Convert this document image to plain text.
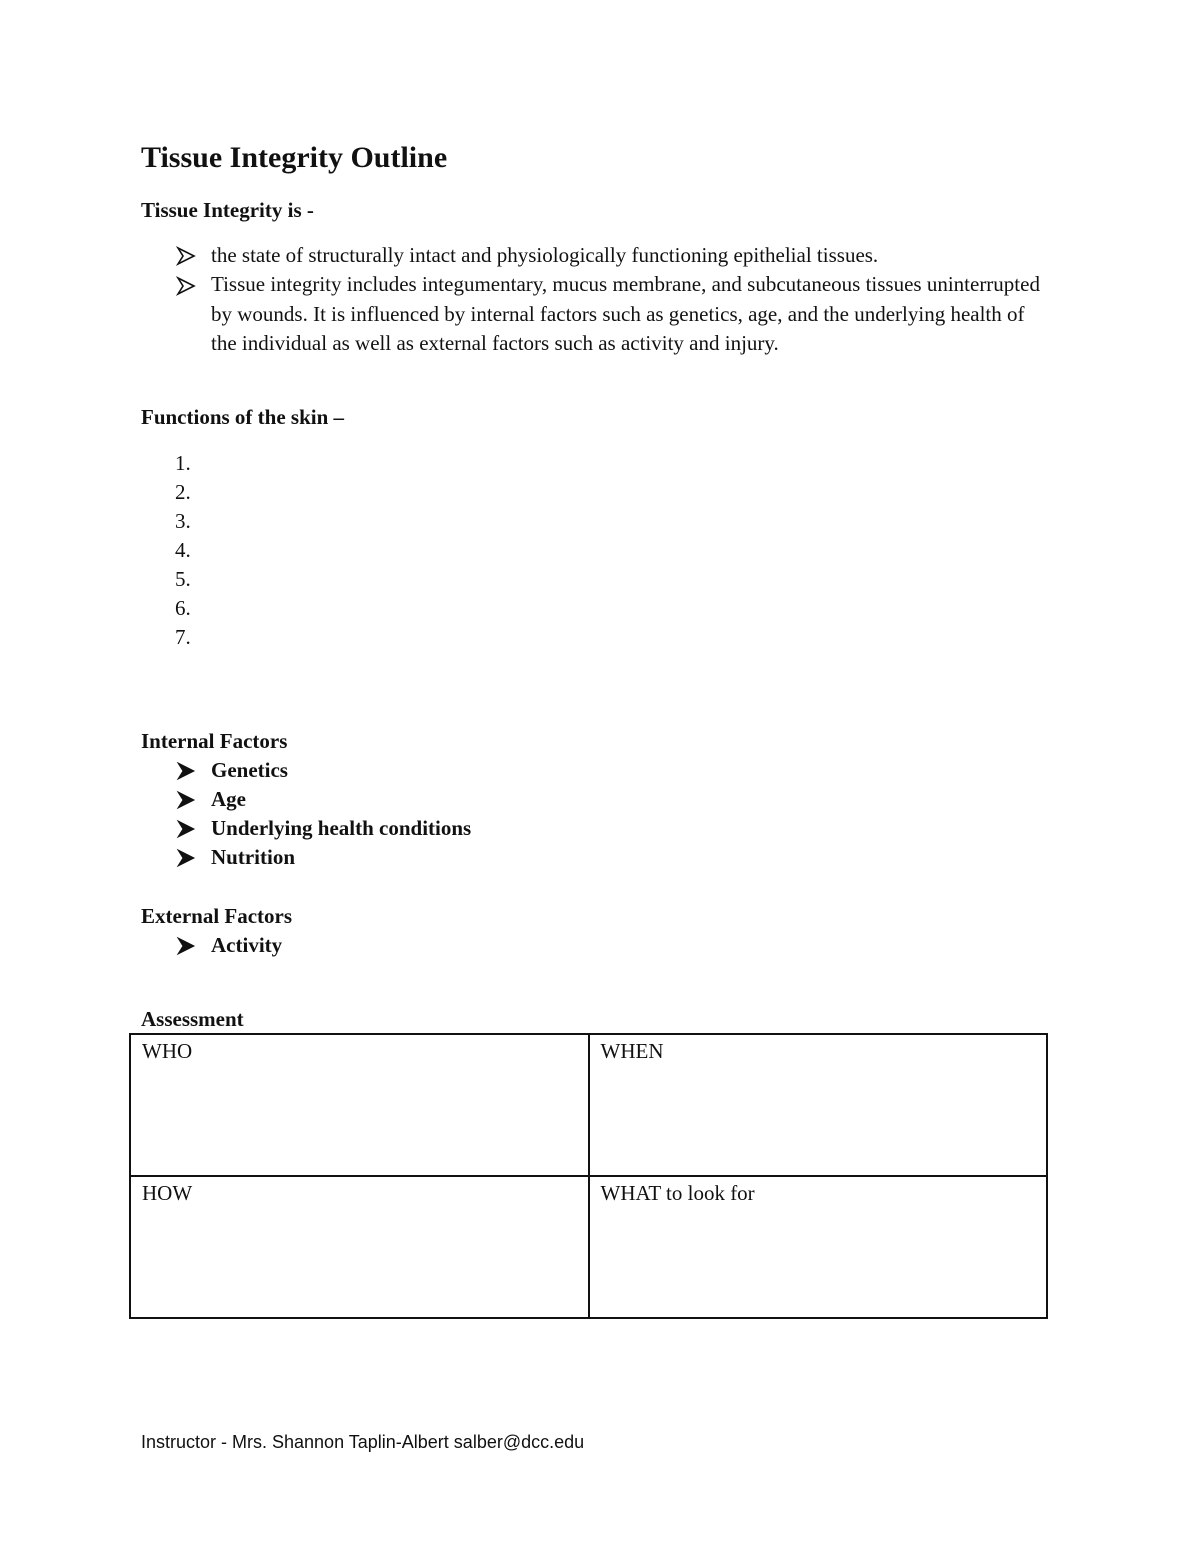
Tissue Integrity Outline
Tissue Integrity is -
the state of structurally intact and physiologically functioning epithelial tissues.
Tissue integrity includes integumentary, mucus membrane, and subcutaneous tissues uninterrupted by wounds. It is influenced by internal factors such as genetics, age, and the underlying health of the individual as well as external factors such as activity and injury.
Functions of the skin –
1.
2.
3.
4.
5.
6.
7.
Internal Factors
Genetics
Age
Underlying health conditions
Nutrition
External Factors
Activity
Assessment
WHO	WHEN
HOW	WHAT to look for
Instructor - Mrs. Shannon Taplin-Albert salber@dcc.edu
